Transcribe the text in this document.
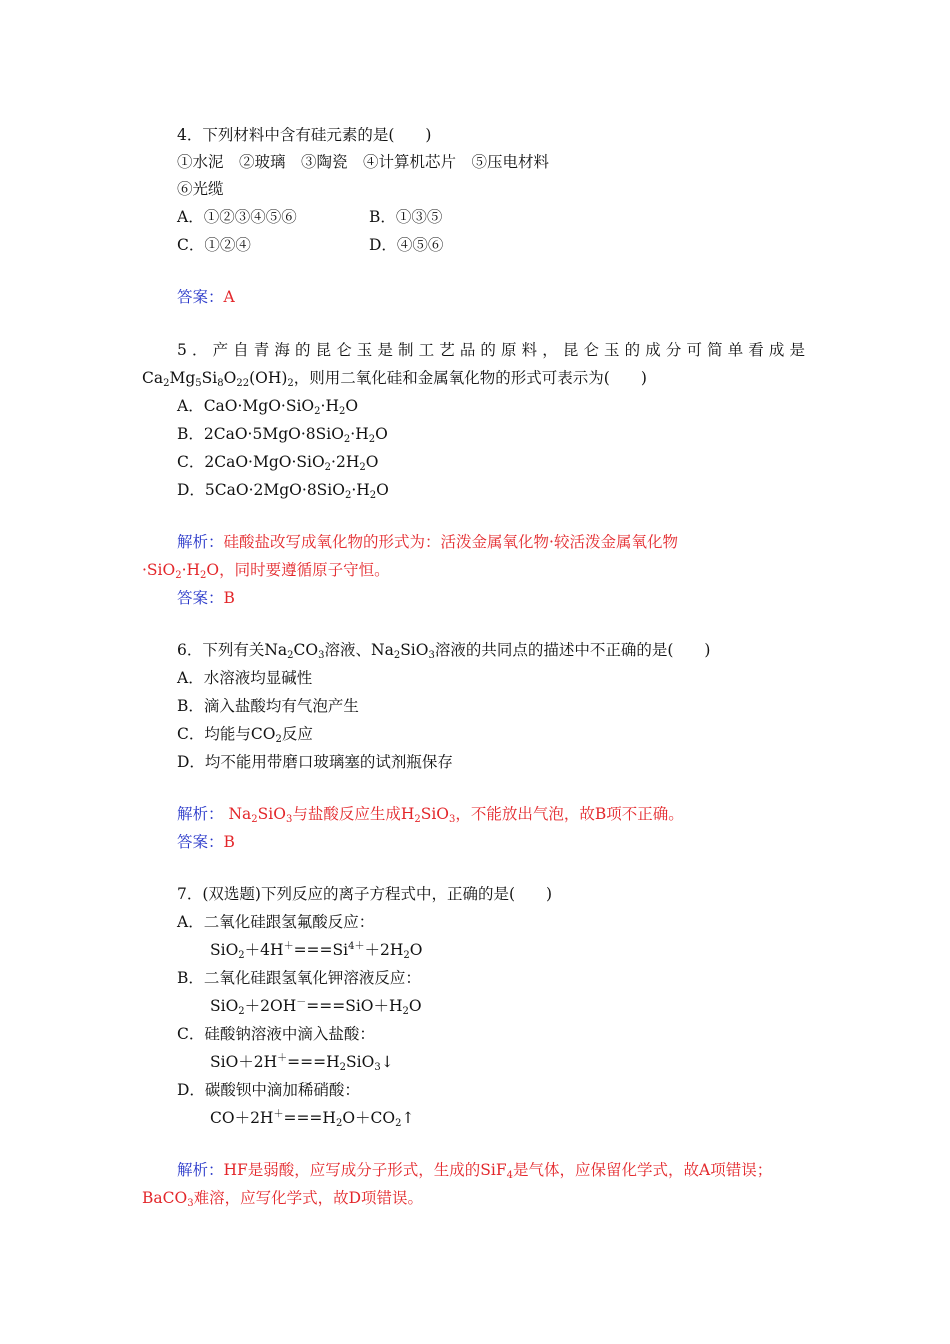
4．下列材料中含有硅元素的是(　　)
①水泥　②玻璃　③陶瓷　④计算机芯片　⑤压电材料
⑥光缆
A．①②③④⑤⑥	B．①③⑤
C．①②④	D．④⑤⑥
答案：A
5．产自青海的昆仑玉是制工艺品的原料，昆仑玉的成分可简单看成是
$Ca_2Mg_5Si_8O_{22}(OH)_2$，则用二氧化硅和金属氧化物的形式可表示为(　　)
A．$CaO\cdot MgO\cdot SiO_2\cdot H_2O$
B．$2CaO\cdot 5MgO\cdot 8SiO_2\cdot H_2O$
C．$2CaO\cdot MgO\cdot SiO_2\cdot 2H_2O$
D．$5CaO\cdot 2MgO\cdot 8SiO_2\cdot H_2O$
解析：硅酸盐改写成氧化物的形式为：活泼金属氧化物·较活泼金属氧化物
$\cdot SiO_2\cdot H_2O$，同时要遵循原子守恒。
答案：B
6．下列有关$Na_2CO_3$溶液、$Na_2SiO_3$溶液的共同点的描述中不正确的是(　　)
A．水溶液均显碱性
B．滴入盐酸均有气泡产生
C．均能与$CO_2$反应
D．均不能用带磨口玻璃塞的试剂瓶保存
解析： $Na_2SiO_3$与盐酸反应生成$H_2SiO_3$，不能放出气泡，故B项不正确。
答案：B
7．(双选题)下列反应的离子方程式中，正确的是(　　)
A．二氧化硅跟氢氟酸反应：
$SiO_2+4H^+===Si^{4+}+2H_2O$
B．二氧化硅跟氢氧化钾溶液反应：
$SiO_2+2OH^-===SiO+H_2O$
C．硅酸钠溶液中滴入盐酸：
$SiO+2H^+===H_2SiO_3↓$
D．碳酸钡中滴加稀硝酸：
$CO+2H^+===H_2O+CO_2↑$
解析：HF是弱酸，应写成分子形式，生成的SiF$_4$是气体，应保留化学式，故A项错误；
BaCO$_3$难溶，应写化学式，故D项错误。
